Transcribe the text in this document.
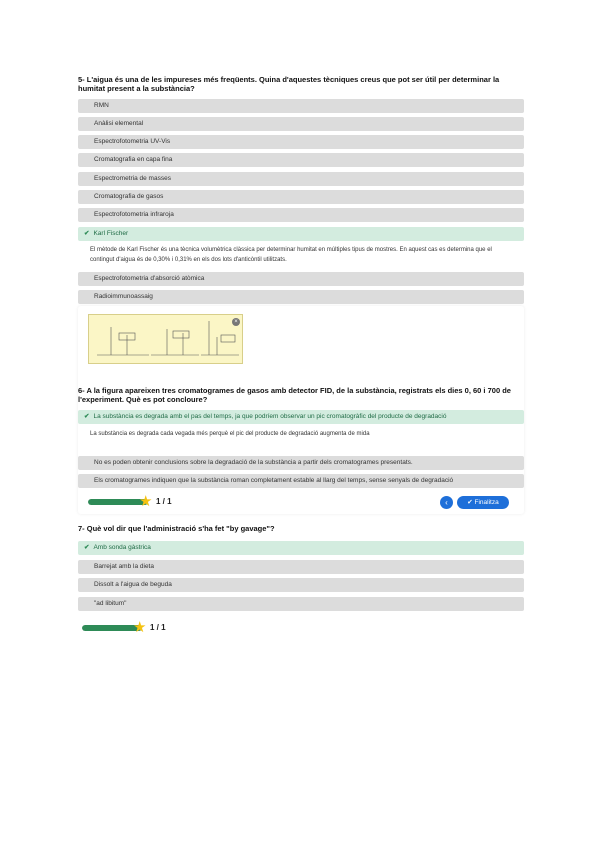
5- L'aigua és una de les impureses més freqüents. Quina d'aquestes tècniques creus que pot ser útil per determinar la humitat present a la substància?
RMN
Anàlisi elemental
Espectrofotometria UV-Vis
Cromatografia en capa fina
Espectrometria de masses
Cromatografia de gasos
Espectrofotometria infraroja
✔ Karl Fischer
El mètode de Karl Fischer és una tècnica volumètrica clàssica per determinar humitat en múltiples tipus de mostres. En aquest cas es determina que el contingut d'aigua és de 0,30% i 0,31% en els dos lots d'anticòntil utilitzats.
Espectrofotometria d'absorció atòmica
Radioimmunoassaig
×
6- A la figura apareixen tres cromatogrames de gasos amb detector FID, de la substància, registrats els dies 0, 60 i 700 de l'experiment. Què es pot concloure?
✔ La substància es degrada amb el pas del temps, ja que podríem observar un pic cromatogràfic del producte de degradació
La substància es degrada cada vegada més perquè el pic del producte de degradació augmenta de mida
No es poden obtenir conclusions sobre la degradació de la substància a partir dels cromatogrames presentats.
Els cromatogrames indiquen que la substància roman completament estable al llarg del temps, sense senyals de degradació
★ 1 / 1	‹	✔ Finalitza
7- Què vol dir que l'administració s'ha fet "by gavage"?
✔ Amb sonda gàstrica
Barrejat amb la dieta
Dissolt a l'aigua de beguda
"ad libitum"
★ 1 / 1
